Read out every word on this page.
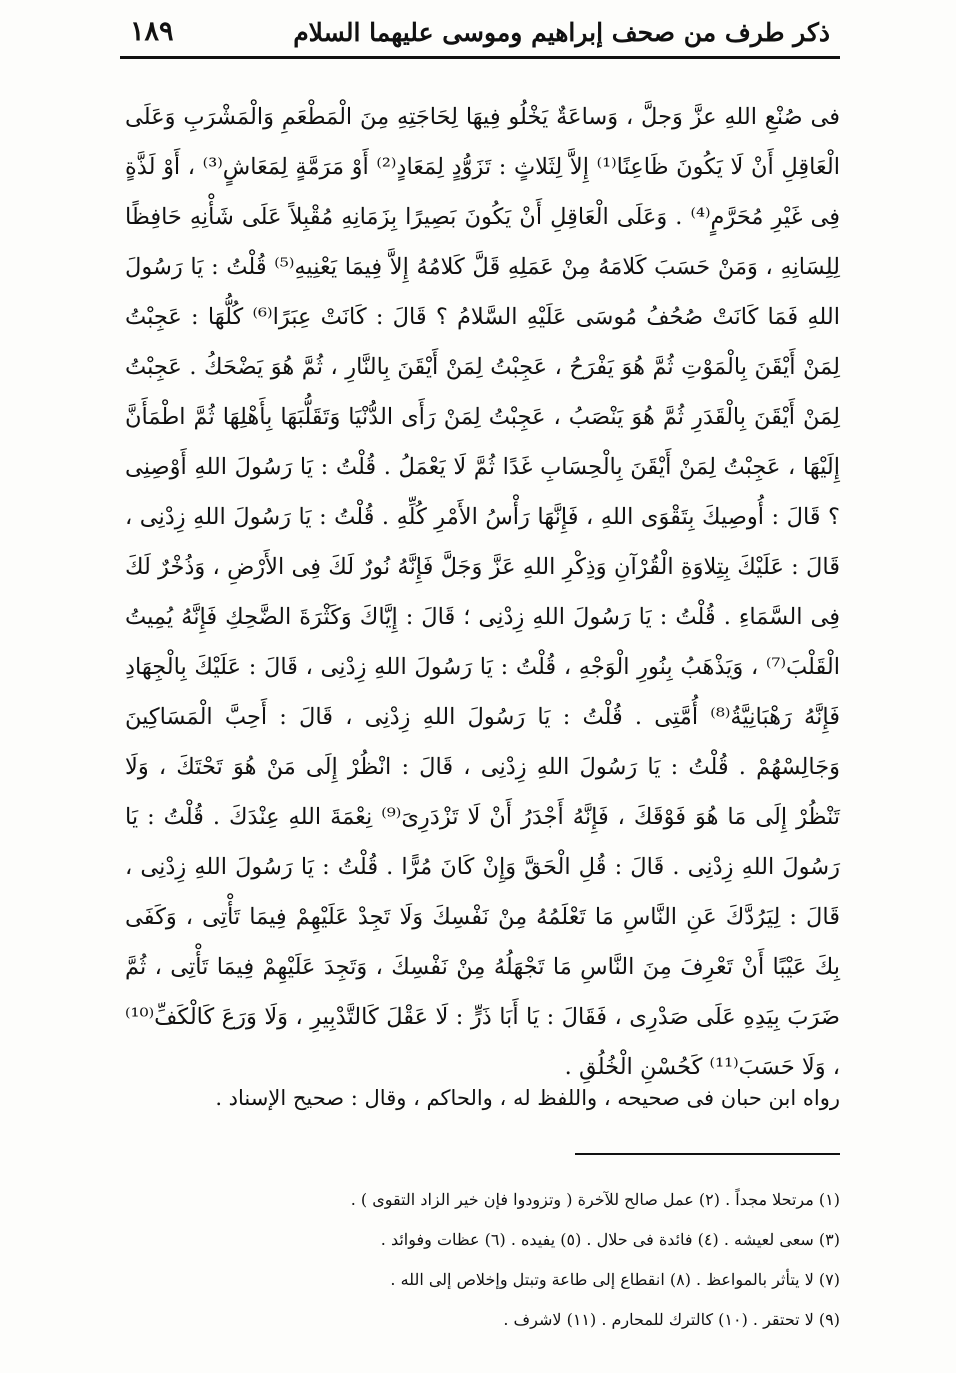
ذكر طرف من صحف إبراهيم وموسى عليهما السلام
١٨٩

فى صُنْعِ اللهِ عزَّ وَجلَّ ، وَساعَةٌ يَخْلُو فِيهَا لِحَاجَتِهِ مِنَ الْمَطْعَمِ وَالْمَشْرَبِ وَعَلَى الْعَاقِلِ أَنْ لَا يَكُونَ ظَاعِنًا⁽¹⁾ إِلاَّ لِثَلاثٍ : تَزَوُّدٍ لِمَعَادٍ⁽²⁾ أَوْ مَرَمَّةٍ لِمَعَاشٍ⁽³⁾ ، أَوْ لَذَّةٍ فِى غَيْرِ مُحَرَّمٍ⁽⁴⁾ . وَعَلَى الْعَاقِلِ أَنْ يَكُونَ بَصِيرًا بِزَمَانِهِ مُقْبِلاً عَلَى شَأْنِهِ حَافِظًا لِلِسَانِهِ ، وَمَنْ حَسَبَ كَلامَهُ مِنْ عَمَلِهِ قَلَّ كَلامُهُ إِلاَّ فِيمَا يَعْنِيهِ⁽⁵⁾ قُلْتُ : يَا رَسُولَ اللهِ فَمَا كَانَتْ صُحُفُ مُوسَى عَلَيْهِ السَّلامُ ؟ قَالَ : كَانَتْ عِبَرًا⁽⁶⁾ كُلُّهَا : عَجِبْتُ لِمَنْ أَيْقَنَ بِالْمَوْتِ ثُمَّ هُوَ يَفْرَحُ ، عَجِبْتُ لِمَنْ أَيْقَنَ بِالنَّارِ ، ثُمَّ هُوَ يَضْحَكُ . عَجِبْتُ لِمَنْ أَيْقَنَ بِالْقَدَرِ ثُمَّ هُوَ يَنْصَبُ ، عَجِبْتُ لِمَنْ رَأَى الدُّنْيَا وَتَقَلُّبَهَا بِأَهْلِهَا ثُمَّ اطْمَأَنَّ إِلَيْهَا ، عَجِبْتُ لِمَنْ أَيْقَنَ بِالْحِسَابِ غَدًا ثُمَّ لَا يَعْمَلُ . قُلْتُ : يَا رَسُولَ اللهِ أَوْصِنِى ؟ قَالَ : أُوصِيكَ بِتَقْوَى اللهِ ، فَإِنَّهَا رَأْسُ الأَمْرِ كُلِّهِ . قُلْتُ : يَا رَسُولَ اللهِ زِدْنِى ، قَالَ : عَلَيْكَ بِتِلاوَةِ الْقُرْآنِ وَذِكْرِ اللهِ عَزَّ وَجَلَّ فَإِنَّهُ نُورٌ لَكَ فِى الأَرْضِ ، وَذُخْرٌ لَكَ فِى السَّمَاءِ . قُلْتُ : يَا رَسُولَ اللهِ زِدْنِى ؛ قَالَ : إِيَّاكَ وَكَثْرَةَ الضَّحِكِ فَإِنَّهُ يُمِيتُ الْقَلْبَ⁽⁷⁾ ، وَيَذْهَبُ بِنُورِ الْوَجْهِ ، قُلْتُ : يَا رَسُولَ اللهِ زِدْنِى ، قَالَ : عَلَيْكَ بِالْجِهَادِ فَإِنَّهُ رَهْبَانِيَّةُ⁽⁸⁾ أُمَّتِى . قُلْتُ : يَا رَسُولَ اللهِ زِدْنِى ، قَالَ : أَحِبَّ الْمَسَاكِينَ وَجَالِسْهُمْ . قُلْتُ : يَا رَسُولَ اللهِ زِدْنِى ، قَالَ : انْظُرْ إِلَى مَنْ هُوَ تَحْتَكَ ، وَلَا تَنْظُرْ إِلَى مَا هُوَ فَوْقَكَ ، فَإِنَّهُ أَجْدَرُ أَنْ لَا تَزْدَرِىَ⁽⁹⁾ نِعْمَةَ اللهِ عِنْدَكَ . قُلْتُ : يَا رَسُولَ اللهِ زِدْنِى . قَالَ : قُلِ الْحَقَّ وَإِنْ كَانَ مُرًّا . قُلْتُ : يَا رَسُولَ اللهِ زِدْنِى ، قَالَ : لِيَرُدَّكَ عَنِ النَّاسِ مَا تَعْلَمُهُ مِنْ نَفْسِكَ وَلَا تَجِدْ عَلَيْهِمْ فِيمَا تَأْتِى ، وَكَفَى بِكَ عَيْبًا أَنْ تَعْرِفَ مِنَ النَّاسِ مَا تَجْهَلُهُ مِنْ نَفْسِكَ ، وَتَجِدَ عَلَيْهِمْ فِيمَا تَأْتِى ، ثُمَّ ضَرَبَ بِيَدِهِ عَلَى صَدْرِى ، فَقَالَ : يَا أَبَا ذَرٍّ : لَا عَقْلَ كَالتَّدْبِيرِ ، وَلَا وَرَعَ كَالْكَفِّ⁽¹⁰⁾ ، وَلَا حَسَبَ⁽¹¹⁾ كَحُسْنِ الْخُلُقِ .

رواه ابن حبان فى صحيحه ، واللفظ له ، والحاكم ، وقال : صحيح الإسناد .
(١) مرتحلا مجداً . (٢) عمل صالح للآخرة ( وتزودوا فإن خير الزاد التقوى ) .
(٣) سعى لعيشه . (٤) فائدة فى حلال . (٥) يفيده . (٦) عظات وفوائد .
(٧) لا يتأثر بالمواعظ . (٨) انقطاع إلى طاعة وتبتل وإخلاص إلى الله .
(٩) لا تحتقر . (١٠) كالترك للمحارم . (١١) لاشرف .
